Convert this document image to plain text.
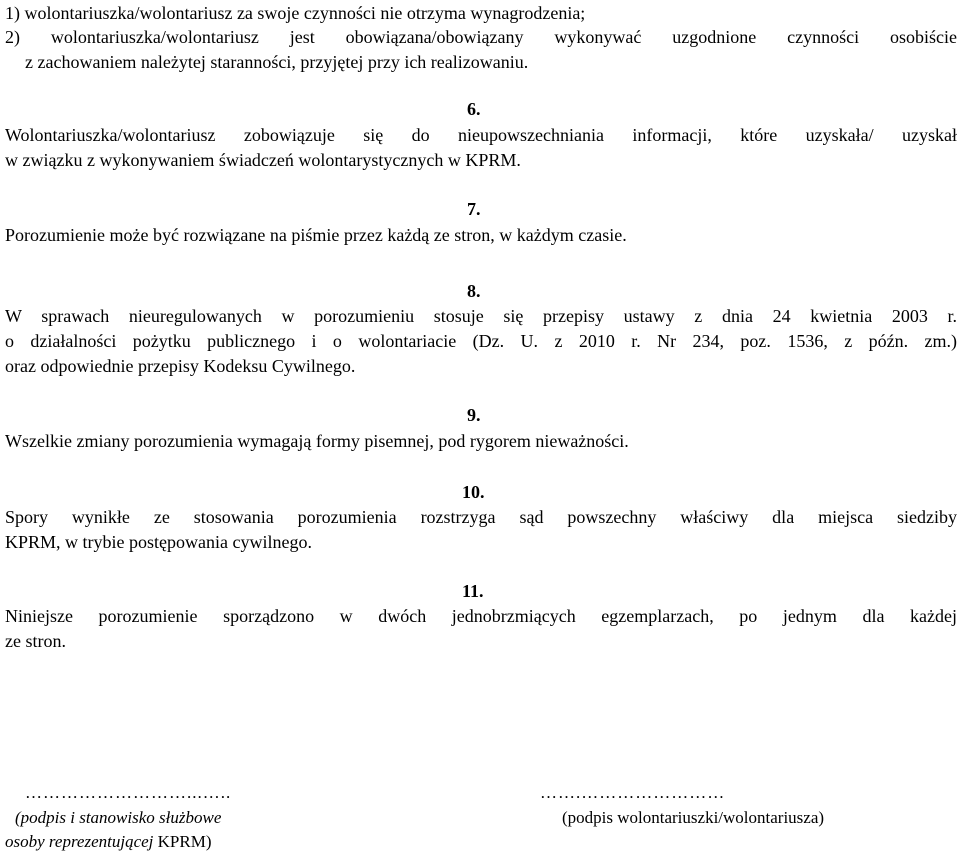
1) wolontariuszka/wolontariusz za swoje czynności nie otrzyma wynagrodzenia;
2) wolontariuszka/wolontariusz jest obowiązana/obowiązany wykonywać uzgodnione czynności osobiście
z zachowaniem należytej staranności, przyjętej przy ich realizowaniu.
6.
Wolontariuszka/wolontariusz zobowiązuje się do nieupowszechniania informacji, które uzyskała/ uzyskał
w związku z wykonywaniem świadczeń wolontarystycznych w KPRM.
7.
Porozumienie może być rozwiązane na piśmie przez każdą ze stron, w każdym czasie.
8.
W sprawach nieuregulowanych w porozumieniu stosuje się przepisy ustawy z dnia 24 kwietnia 2003 r.
o działalności pożytku publicznego i o wolontariacie (Dz. U. z 2010 r. Nr 234, poz. 1536, z późn. zm.)
oraz odpowiednie przepisy Kodeksu Cywilnego.
9.
Wszelkie zmiany porozumienia wymagają formy pisemnej, pod rygorem nieważności.
10.
Spory wynikłe ze stosowania porozumienia rozstrzyga sąd powszechny właściwy dla miejsca siedziby
KPRM, w trybie postępowania cywilnego.
11.
Niniejsze porozumienie sporządzono w dwóch jednobrzmiących egzemplarzach, po jednym dla każdej
ze stron.
………………………...…..
(podpis i stanowisko służbowe
osoby reprezentującej KPRM)
…….……………………
(podpis wolontariuszki/wolontariusza)
